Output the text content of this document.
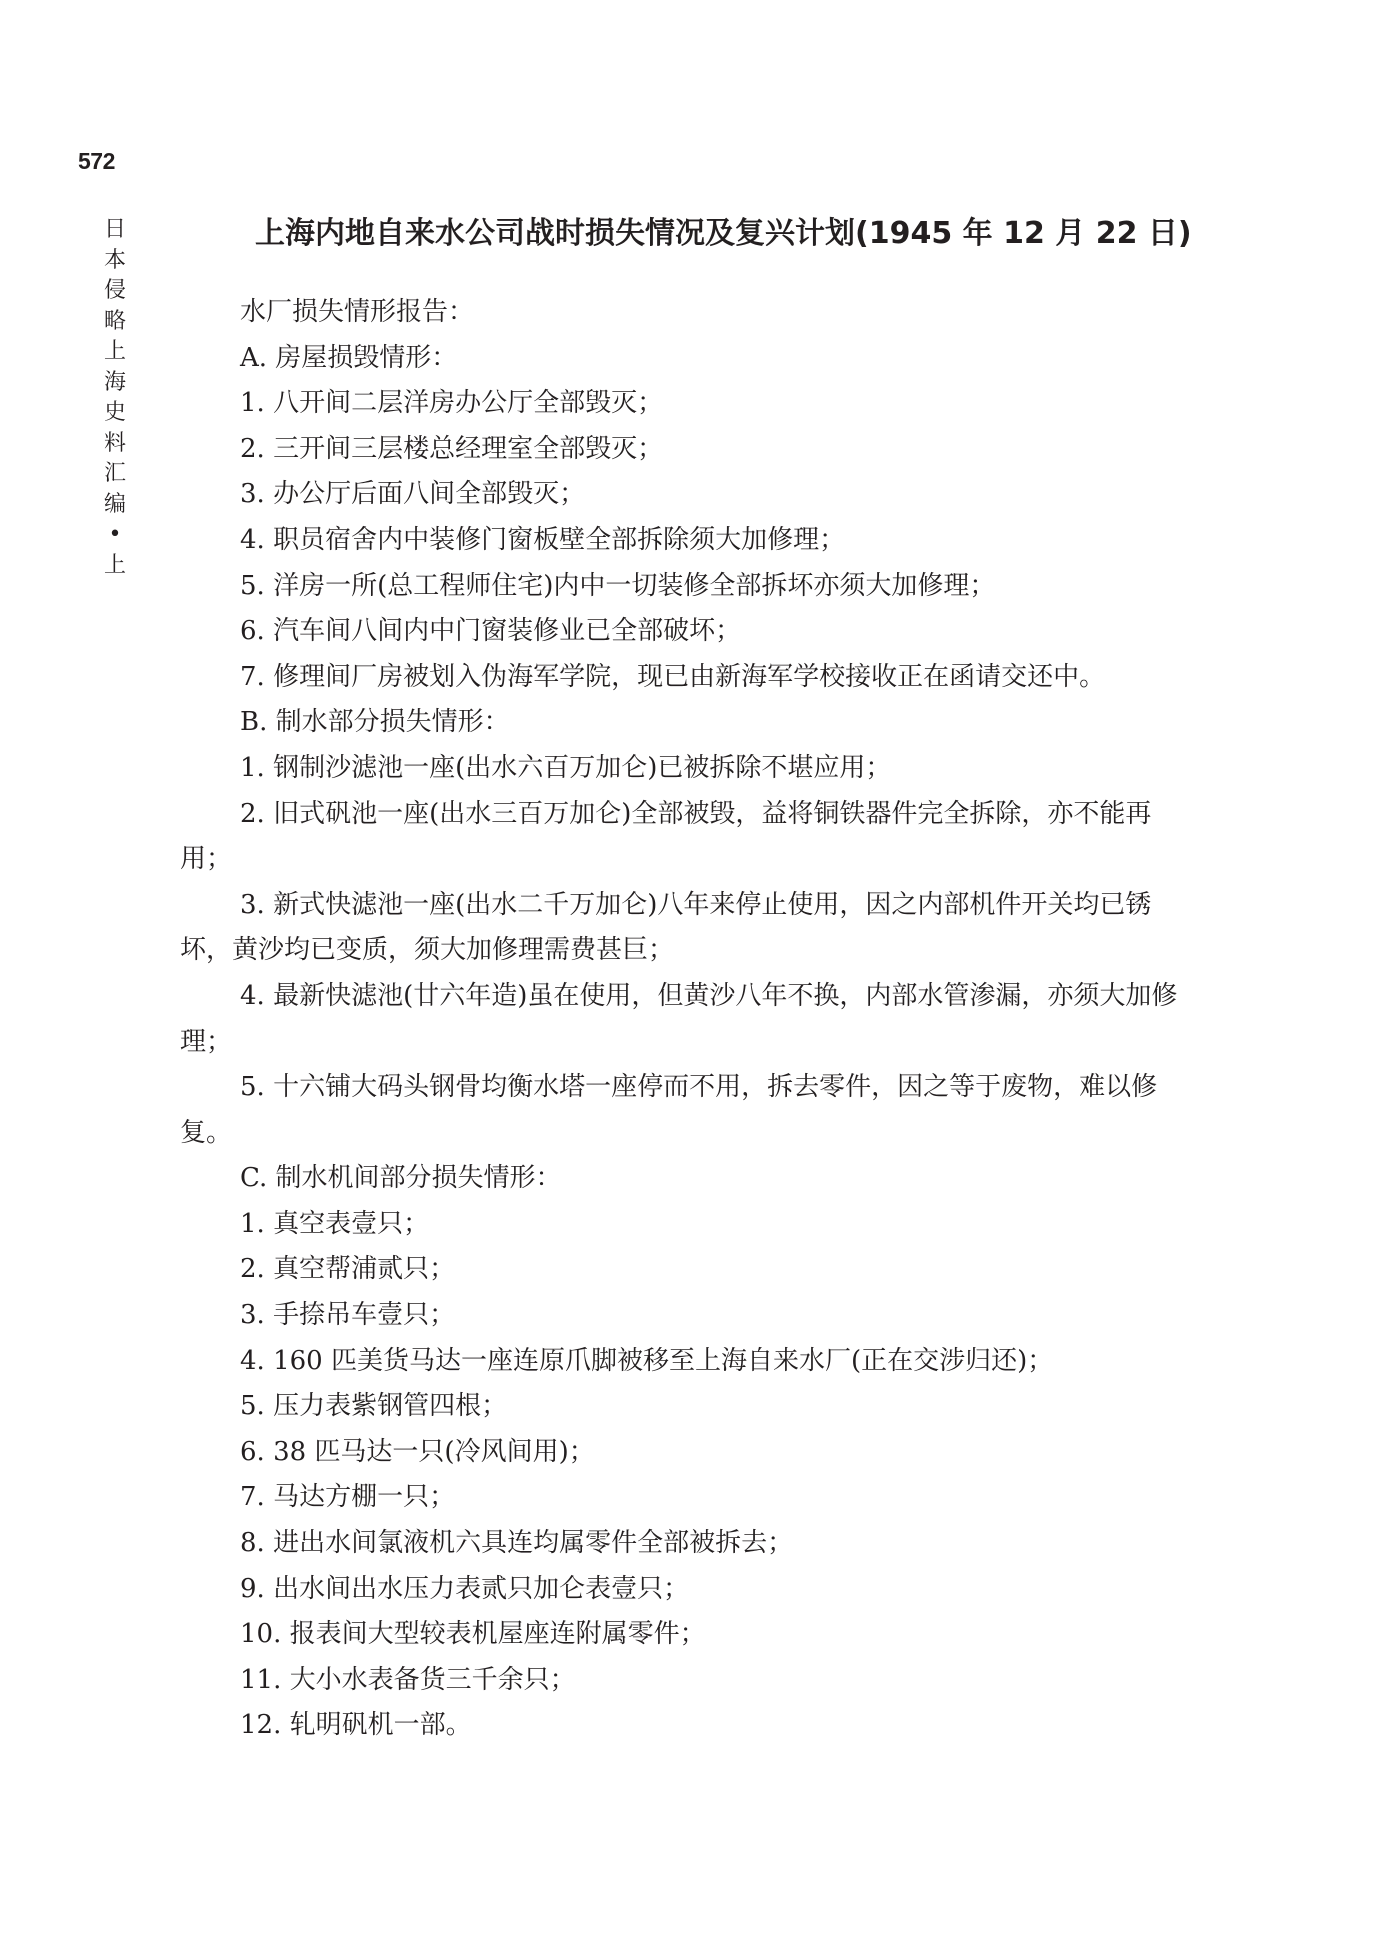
572
日
本
侵
略
上
海
史
料
汇
编
•
上
上海内地自来水公司战时损失情况及复兴计划(1945 年 12 月 22 日)

水厂损失情形报告：

A. 房屋损毁情形：

1. 八开间二层洋房办公厅全部毁灭；

2. 三开间三层楼总经理室全部毁灭；

3. 办公厅后面八间全部毁灭；

4. 职员宿舍内中装修门窗板壁全部拆除须大加修理；

5. 洋房一所(总工程师住宅)内中一切装修全部拆坏亦须大加修理；

6. 汽车间八间内中门窗装修业已全部破坏；

7. 修理间厂房被划入伪海军学院，现已由新海军学校接收正在函请交还中。

B. 制水部分损失情形：

1. 钢制沙滤池一座(出水六百万加仑)已被拆除不堪应用；

2. 旧式矾池一座(出水三百万加仑)全部被毁，益将铜铁器件完全拆除，亦不能再用；

3. 新式快滤池一座(出水二千万加仑)八年来停止使用，因之内部机件开关均已锈坏，黄沙均已变质，须大加修理需费甚巨；

4. 最新快滤池(廿六年造)虽在使用，但黄沙八年不换，内部水管渗漏，亦须大加修理；

5. 十六铺大码头钢骨均衡水塔一座停而不用，拆去零件，因之等于废物，难以修复。

C. 制水机间部分损失情形：

1. 真空表壹只；

2. 真空帮浦贰只；

3. 手捺吊车壹只；

4. 160 匹美货马达一座连原爪脚被移至上海自来水厂(正在交涉归还)；

5. 压力表紫钢管四根；

6. 38 匹马达一只(冷风间用)；

7. 马达方棚一只；

8. 进出水间氯液机六具连均属零件全部被拆去；

9. 出水间出水压力表贰只加仑表壹只；

10. 报表间大型较表机屋座连附属零件；

11. 大小水表备货三千余只；

12. 轧明矾机一部。
